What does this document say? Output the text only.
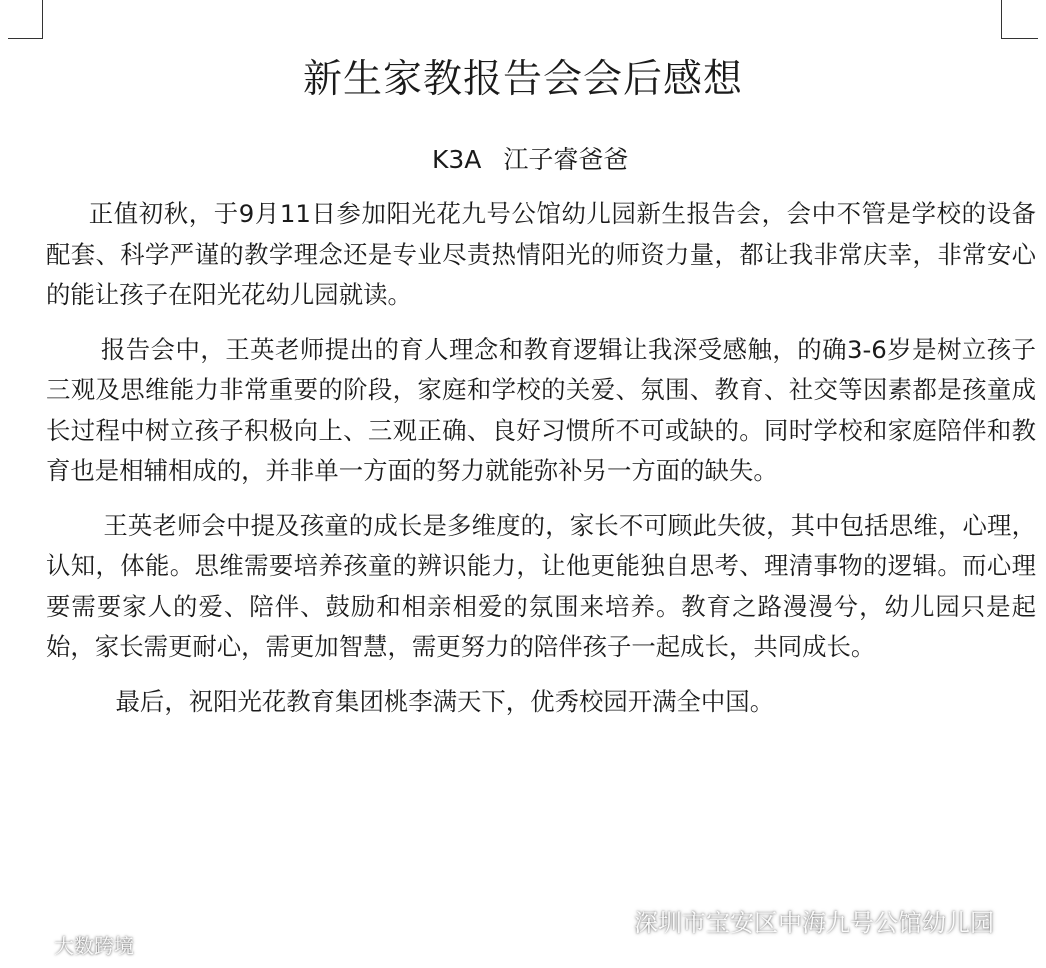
新生家教报告会会后感想
K3A 江子睿爸爸

正值初秋，于9月11日参加阳光花九号公馆幼儿园新生报告会，会中不管是学校的设备配套、科学严谨的教学理念还是专业尽责热情阳光的师资力量，都让我非常庆幸，非常安心的能让孩子在阳光花幼儿园就读。

报告会中，王英老师提出的育人理念和教育逻辑让我深受感触，的确3-6岁是树立孩子三观及思维能力非常重要的阶段，家庭和学校的关爱、氛围、教育、社交等因素都是孩童成长过程中树立孩子积极向上、三观正确、良好习惯所不可或缺的。同时学校和家庭陪伴和教育也是相辅相成的，并非单一方面的努力就能弥补另一方面的缺失。

王英老师会中提及孩童的成长是多维度的，家长不可顾此失彼，其中包括思维，心理，认知，体能。思维需要培养孩童的辨识能力，让他更能独自思考、理清事物的逻辑。而心理要需要家人的爱、陪伴、鼓励和相亲相爱的氛围来培养。教育之路漫漫兮，幼儿园只是起始，家长需更耐心，需更加智慧，需更努力的陪伴孩子一起成长，共同成长。

最后，祝阳光花教育集团桃李满天下，优秀校园开满全中国。

深圳市宝安区中海九号公馆幼儿园
大数跨境
